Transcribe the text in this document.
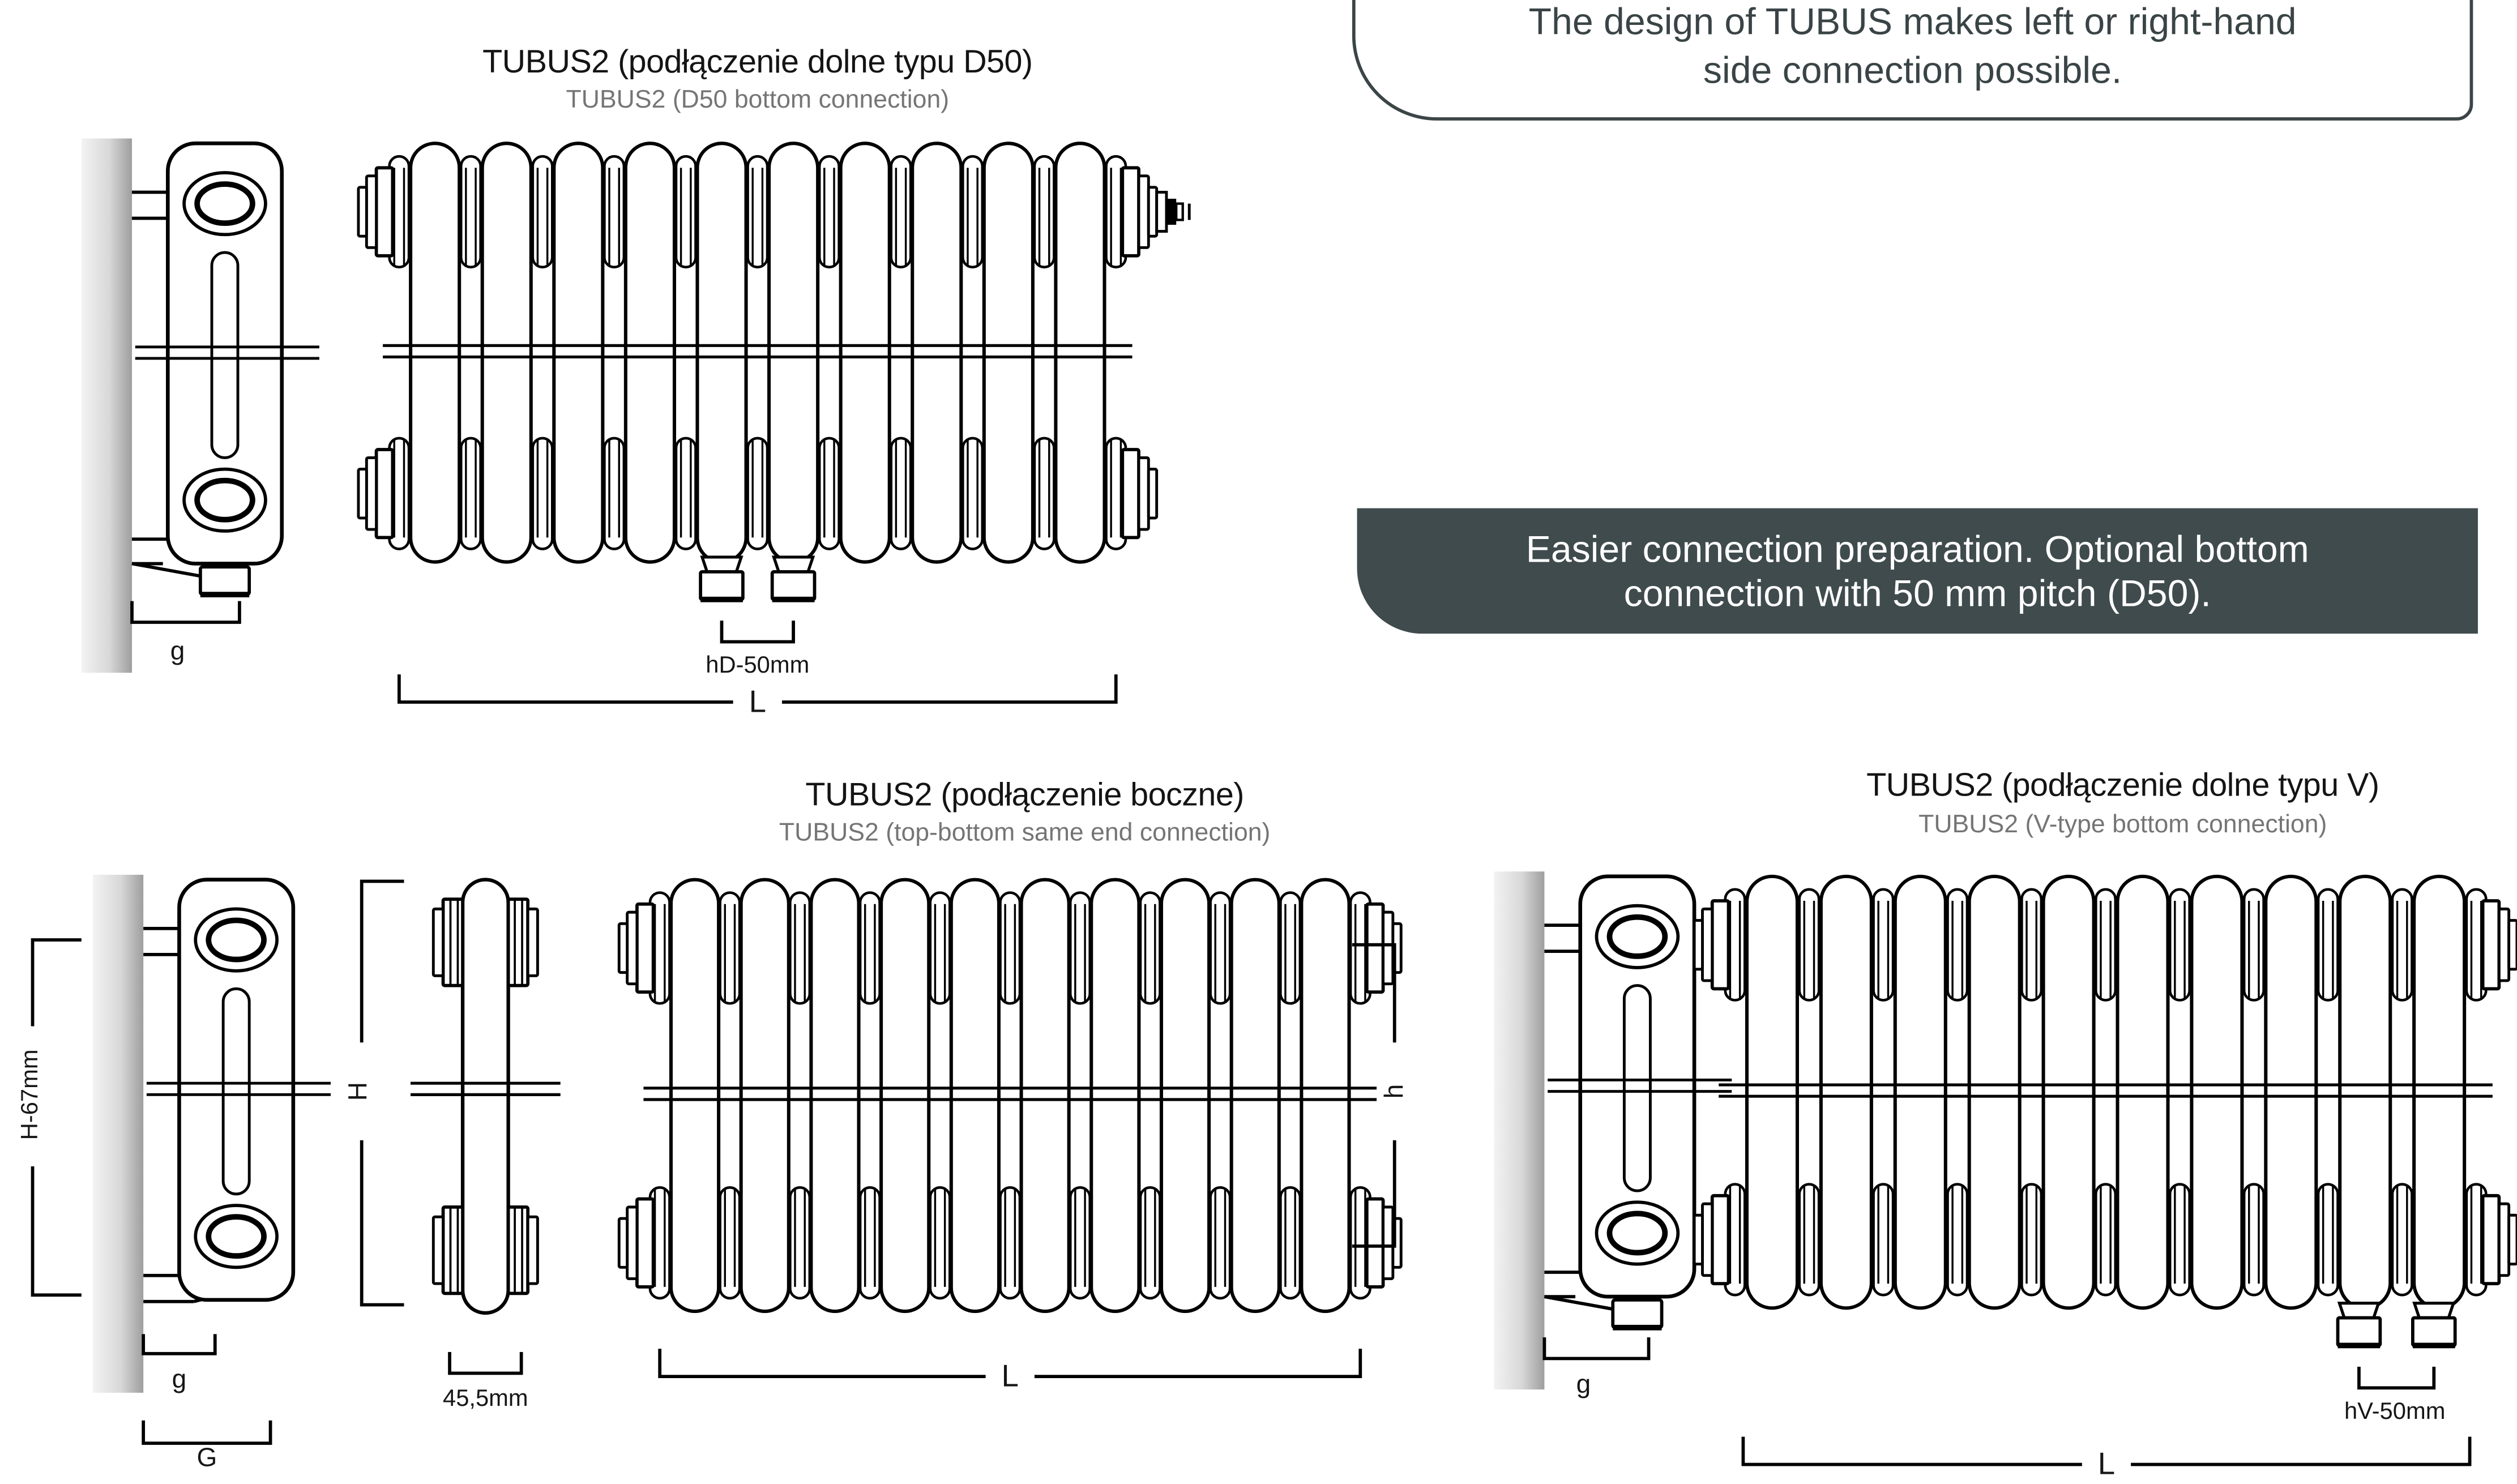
TUBUS2 (podłączenie dolne typu D50)
TUBUS2 (D50 bottom connection)
g	hD-50mm
L
TUBUS2 (podłączenie boczne)
TUBUS2 (top-bottom same end connection)
H-67mm
g
G
H
45,5mm
h
L
TUBUS2 (podłączenie dolne typu V)
TUBUS2 (V-type bottom connection)
g
hV-50mm
L
The design of TUBUS makes left or right-hand
side connection possible.
Easier connection preparation. Optional bottom
connection with 50 mm pitch (D50).
